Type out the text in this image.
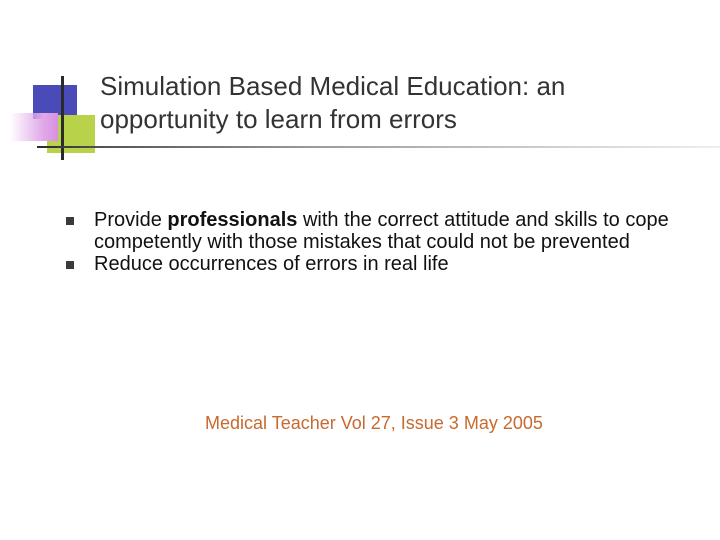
Simulation Based Medical Education: an opportunity to learn from errors
Provide professionals with the correct attitude and skills to cope competently with those mistakes that could not be prevented
Reduce occurrences of errors in real life
Medical Teacher Vol 27, Issue 3 May 2005
